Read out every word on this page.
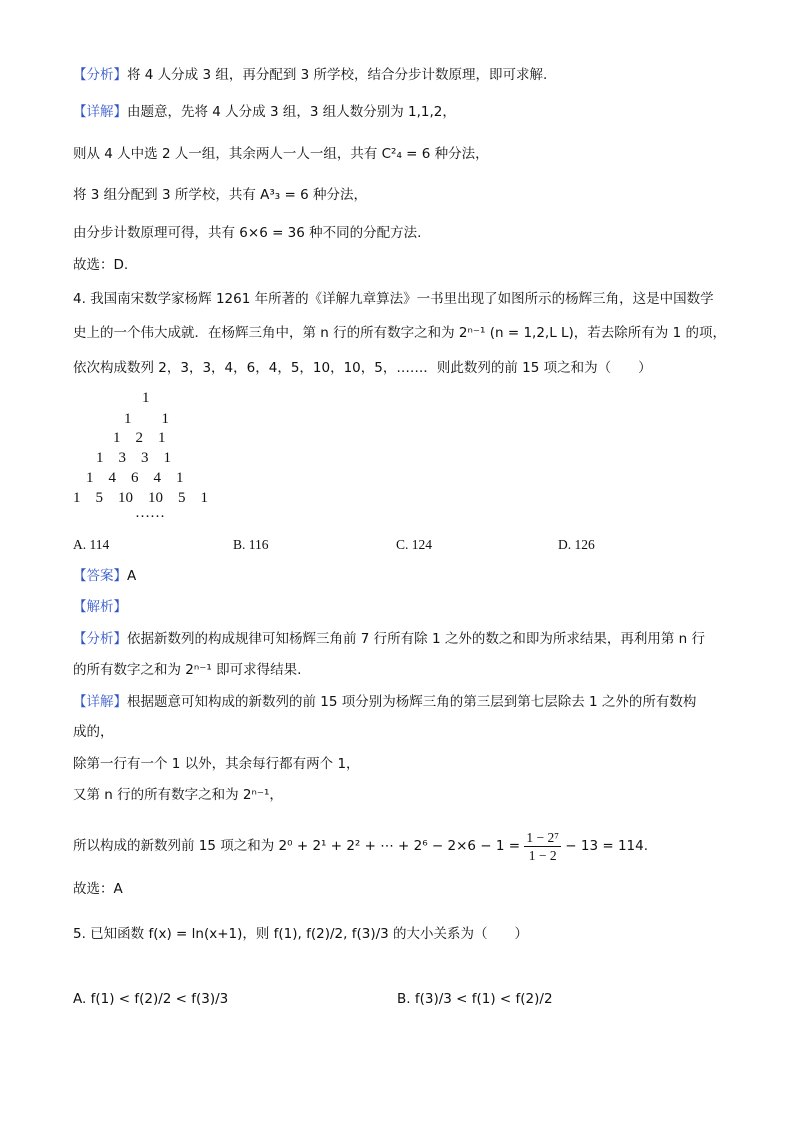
【分析】将 4 人分成 3 组，再分配到 3 所学校，结合分步计数原理，即可求解.
【详解】由题意，先将 4 人分成 3 组，3 组人数分别为 1,1,2，
则从 4 人中选 2 人一组，其余两人一人一组，共有 C²₄ = 6 种分法，
将 3 组分配到 3 所学校，共有 A³₃ = 6 种分法，
由分步计数原理可得，共有 6×6 = 36 种不同的分配方法.
故选：D.
4. 我国南宋数学家杨辉 1261 年所著的《详解九章算法》一书里出现了如图所示的杨辉三角，这是中国数学
史上的一个伟大成就．在杨辉三角中，第 n 行的所有数字之和为 2ⁿ⁻¹ (n = 1,2,L L)，若去除所有为 1 的项，
依次构成数列 2，3，3，4，6，4，5，10，10，5，……．则此数列的前 15 项之和为（　　）
1
1　　1
1　2　1
1　3　3　1
1　4　6　4　1
1　5　10　10　5　1
……
A. 114	B. 116	C. 124	D. 126
【答案】A
【解析】
【分析】依据新数列的构成规律可知杨辉三角前 7 行所有除 1 之外的数之和即为所求结果，再利用第 n 行
的所有数字之和为 2ⁿ⁻¹ 即可求得结果.
【详解】根据题意可知构成的新数列的前 15 项分别为杨辉三角的第三层到第七层除去 1 之外的所有数构
成的，
除第一行有一个 1 以外，其余每行都有两个 1，
又第 n 行的所有数字之和为 2ⁿ⁻¹，
所以构成的新数列前 15 项之和为 2⁰ + 2¹ + 2² + ⋯ + $2^6 - 2\times 6 - 1 = \frac{\text{1 − 2⁷}}{1 - 2} - 13 = 114$.
故选：A
5. 已知函数 f(x) = ln(x+1)，则 f(1), f(2)/2, f(3)/3 的大小关系为（　　）
A. f(1) < f(2)/2 < f(3)/3	B. f(3)/3 < f(1) < f(2)/2
